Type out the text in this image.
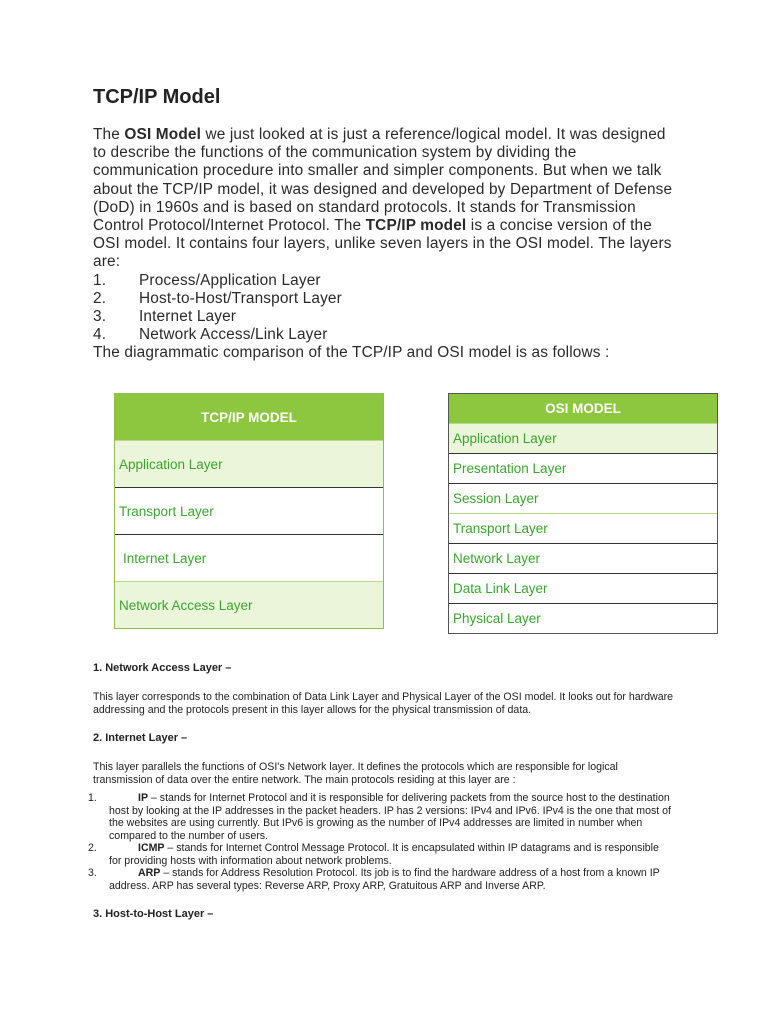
TCP/IP Model

The OSI Model we just looked at is just a reference/logical model. It was designed to describe the functions of the communication system by dividing the communication procedure into smaller and simpler components. But when we talk about the TCP/IP model, it was designed and developed by Department of Defense (DoD) in 1960s and is based on standard protocols. It stands for Transmission Control Protocol/Internet Protocol. The TCP/IP model is a concise version of the OSI model. It contains four layers, unlike seven layers in the OSI model. The layers are:

1.	Process/Application Layer
2.	Host-to-Host/Transport Layer
3.	Internet Layer
4.	Network Access/Link Layer

The diagrammatic comparison of the TCP/IP and OSI model is as follows :

TCP/IP MODEL
Application Layer
Transport Layer
Internet Layer
Network Access Layer
OSI MODEL
Application Layer
Presentation Layer
Session Layer
Transport Layer
Network Layer
Data Link Layer
Physical Layer
1. Network Access Layer –
This layer corresponds to the combination of Data Link Layer and Physical Layer of the OSI model. It looks out for hardware addressing and the protocols present in this layer allows for the physical transmission of data.
2. Internet Layer –
This layer parallels the functions of OSI's Network layer. It defines the protocols which are responsible for logical transmission of data over the entire network. The main protocols residing at this layer are :
1.	IP – stands for Internet Protocol and it is responsible for delivering packets from the source host to the destination host by looking at the IP addresses in the packet headers. IP has 2 versions: IPv4 and IPv6. IPv4 is the one that most of the websites are using currently. But IPv6 is growing as the number of IPv4 addresses are limited in number when compared to the number of users.
2.	ICMP – stands for Internet Control Message Protocol. It is encapsulated within IP datagrams and is responsible for providing hosts with information about network problems.
3.	ARP – stands for Address Resolution Protocol. Its job is to find the hardware address of a host from a known IP address. ARP has several types: Reverse ARP, Proxy ARP, Gratuitous ARP and Inverse ARP.
3. Host-to-Host Layer –
